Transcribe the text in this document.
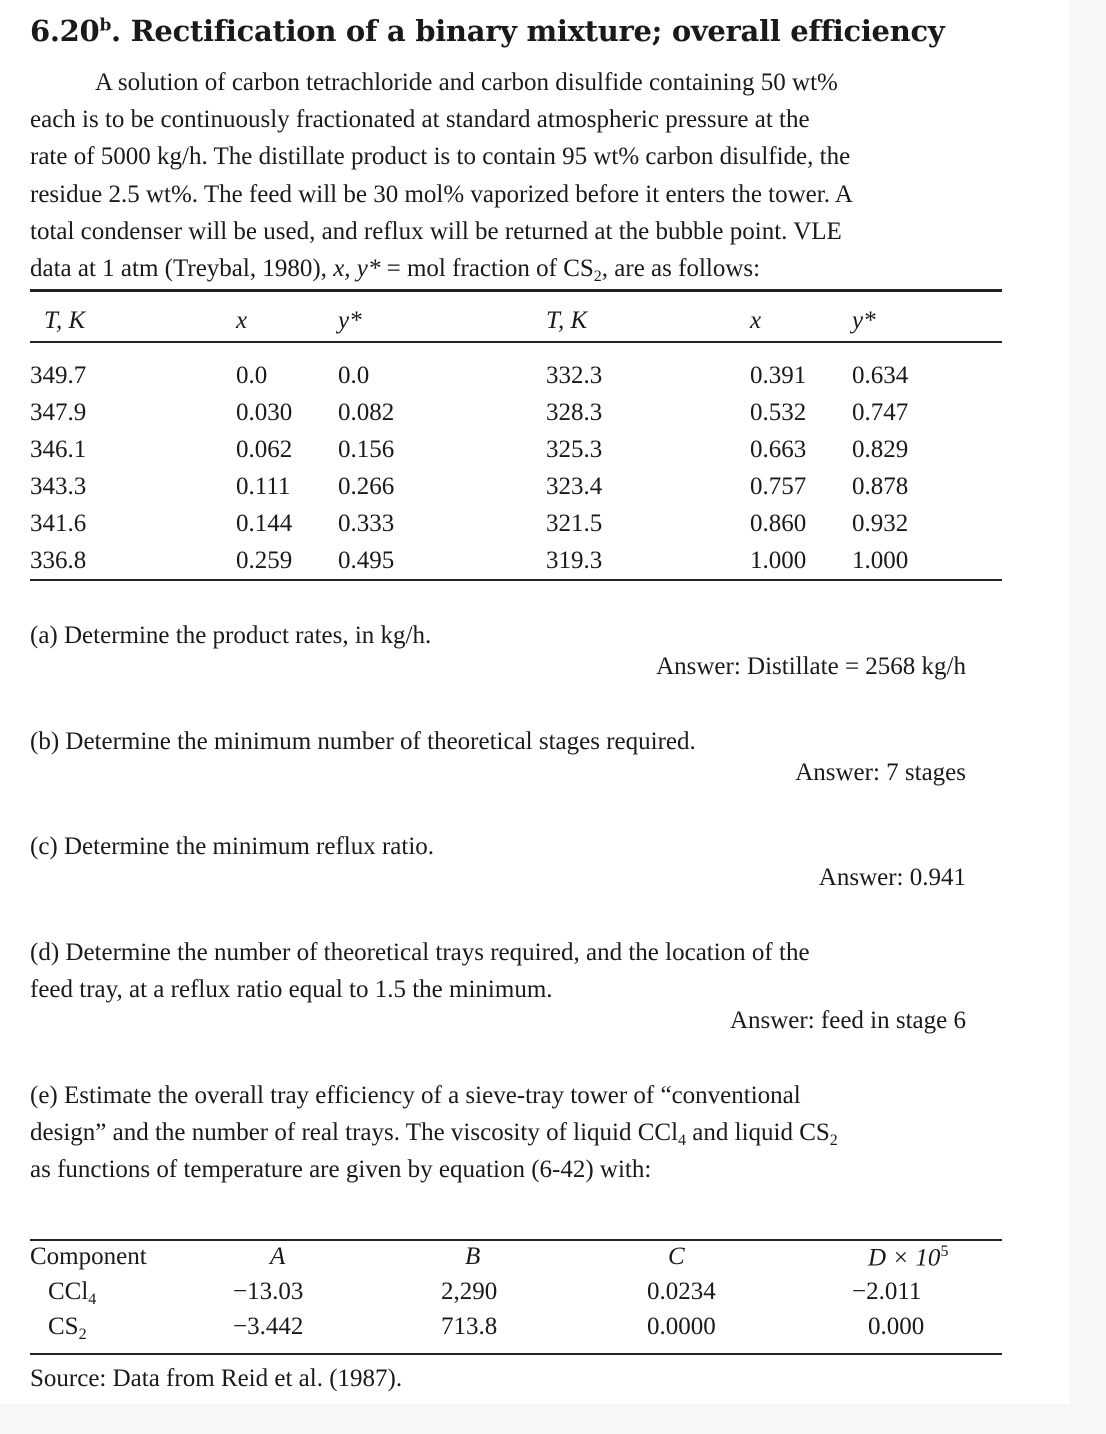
6.20$^b$. Rectification of a binary mixture; overall efficiency
A solution of carbon tetrachloride and carbon disulfide containing 50 wt%
each is to be continuously fractionated at standard atmospheric pressure at the
rate of 5000 kg/h. The distillate product is to contain 95 wt% carbon disulfide, the
residue 2.5 wt%. The feed will be 30 mol% vaporized before it enters the tower. A
total condenser will be used, and reflux will be returned at the bubble point. VLE
data at 1 atm (Treybal, 1980), x, y* = mol fraction of $CS_2$, are as follows:
T, K	x	y*	T, K	x	y*
349.7	0.0	0.0	332.3	0.391 0.634
347.9	0.030 0.082	328.3	0.532 0.747
346.1	0.062 0.156	325.3	0.663 0.829
343.3	0.111 0.266	323.4	0.757 0.878
341.6	0.144 0.333	321.5	0.860 0.932
336.8	0.259 0.495	319.3	1.000 1.000
(a) Determine the product rates, in kg/h.
Answer: Distillate = 2568 kg/h
(b) Determine the minimum number of theoretical stages required.
Answer: 7 stages
(c) Determine the minimum reflux ratio.
Answer: 0.941
(d) Determine the number of theoretical trays required, and the location of the
feed tray, at a reflux ratio equal to 1.5 the minimum.
Answer: feed in stage 6
(e) Estimate the overall tray efficiency of a sieve-tray tower of “conventional
design” and the number of real trays. The viscosity of liquid CCl$_4$ and liquid $CS_2$
as functions of temperature are given by equation (6-42) with:
Component	A	B	C	$D \times 10^5$
CCl$_4$	−13.03	2,290	0.0234	−2.011
$CS_2$	−3.442	713.8	0.0000	0.000
Source: Data from Reid et al. (1987).
